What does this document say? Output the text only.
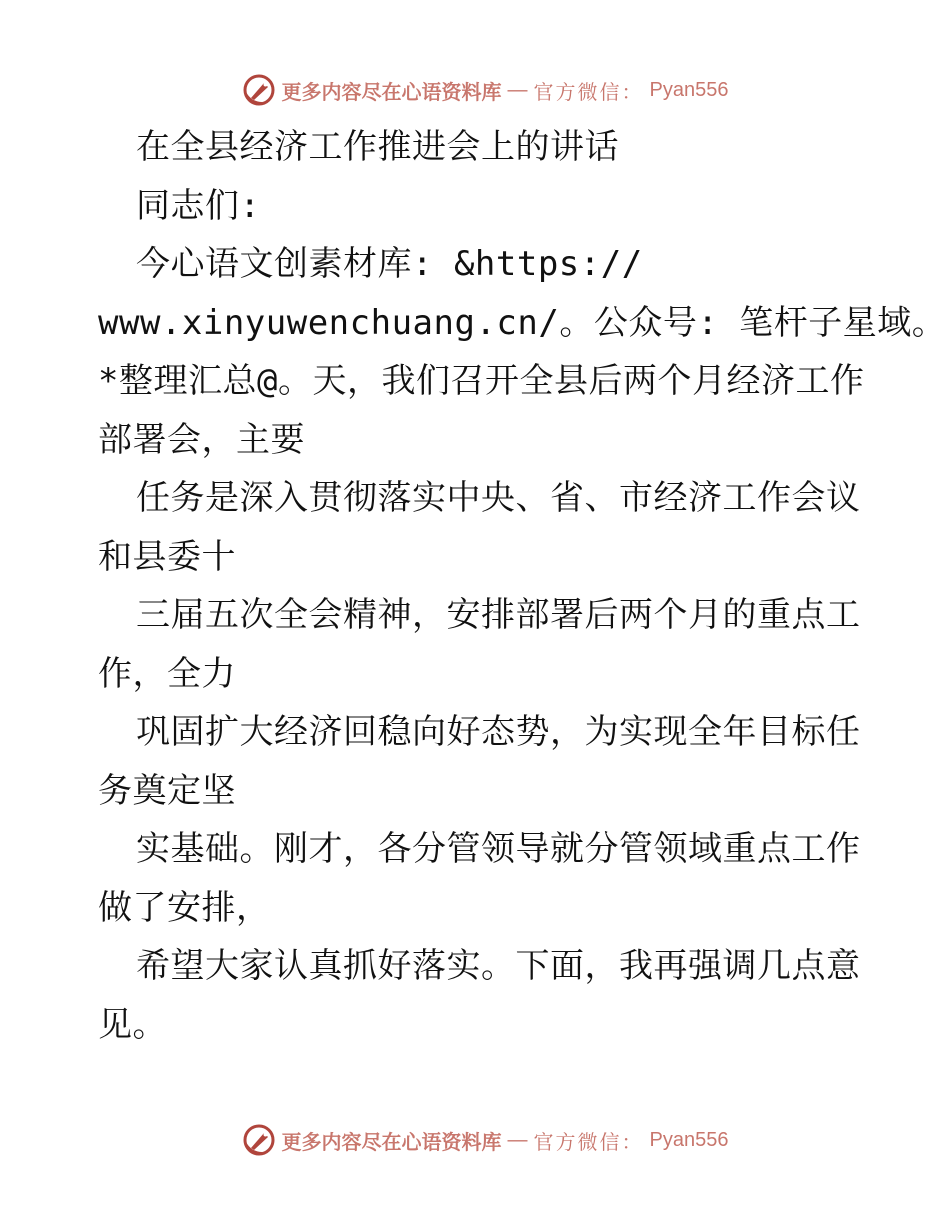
更多内容尽在心语资料库 — 官方微信： Pyan556
在全县经济工作推进会上的讲话
同志们:
今心语文创素材库: &https://
www.xinyuwenchuang.cn/。公众号: 笔杆子星域。
*整理汇总@。天，我们召开全县后两个月经济工作
部署会，主要
任务是深入贯彻落实中央、省、市经济工作会议
和县委十
三届五次全会精神，安排部署后两个月的重点工
作，全力
巩固扩大经济回稳向好态势，为实现全年目标任
务奠定坚
实基础。刚才，各分管领导就分管领域重点工作
做了安排，
希望大家认真抓好落实。下面，我再强调几点意
见。
更多内容尽在心语资料库 — 官方微信： Pyan556
